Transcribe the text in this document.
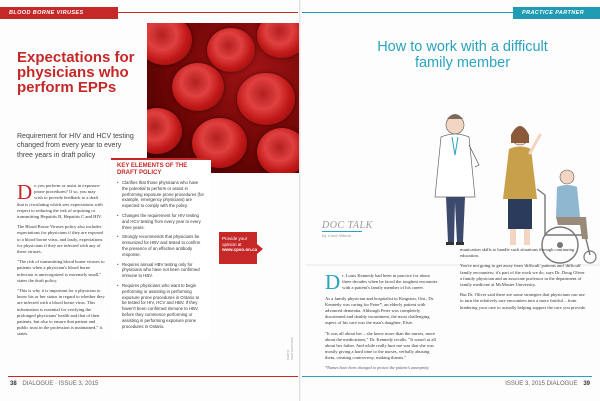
BLOOD BORNE VIRUSES
Expectations for physicians who perform EPPs
Requirement for HIV and HCV testing changed from every year to every three years in draft policy

Do you perform or assist in exposure-prone procedures? If so, you may wish to provide feedback to a draft that is circulating which sets expectations with respect to reducing the risk of acquiring or transmitting Hepatitis B, Hepatitis C and HIV.

The Blood Borne Viruses policy also includes expectations for physicians if they are exposed to a blood borne virus, and lastly, expectations for physicians if they are infected with any of these viruses.

"The risk of transmitting blood borne viruses to patients when a physician's blood borne infection is unrecognized is extremely small," states the draft policy.

"This is why it is important for a physician to know his or her status in regard to whether they are infected with a blood borne virus. This information is essential for verifying the prolonged physicians' health and that of their patients, but also to ensure that patient and public trust in the profession is maintained," it states.

KEY ELEMENTS OF THE DRAFT POLICY
• Clarifies that those physicians who have the potential to perform or assist in performing exposure prone procedures (for example, emergency physicians) are expected to comply with the policy.
• Changes the requirement for HIV testing and HCV testing from every year to every three years.
• Strongly recommends that physicians be immunized for HBV and tested to confirm the presence of an effective antibody response.
• Requires annual HBV testing only for physicians who have not been confirmed immune to HBV.
• Requires physicians who want to begin performing or assisting in performing exposure prone procedures in Ontario to be tested for HIV, HCV and HBV. If they haven't been confirmed immune to HBV, before they commence performing or assisting in performing exposure prone procedures in Ontario.
Provide your opinion at
www.cpso.on.ca
PHOTO: SHUTTERSTOCK
38 DIALOGUE · ISSUE 3, 2015
PRACTICE PARTNER
How to work with a difficult family member
DOC TALK
By Carol Hilborn

Dr. Louis Kennedy had been in practice for about three decades when he faced the toughest encounter with a patient's family member of his career.

As a family physician and hospitalist in Kingston, Ont., Dr. Kennedy was caring for Peter*, an elderly patient with advanced dementia. Although Peter was completely disoriented and doubly incontinent, the most challenging aspect of his care was the man's daughter, Elsie.

"It was all about her – she knew more than the nurses, more about the medications," Dr. Kennedy recalls. "It wasn't at all about her father. And while really hurt me was that she was mostly giving a hard time to the nurses, verbally abusing them, creating controversy, making threats."

munication skills to handle such situations through continuing education.

You're not going to get away from 'difficult' patients and 'difficult' family encounters; it's part of the work we do, says Dr. Doug Oliver a family physician and an associate professor in the department of family medicine at McMaster University.

But Dr. Oliver said there are some strategies that physicians can use to turn the relatively rare encounters into a more fruitful – from hindering your care to actually helping support the care you provide.

*Names have been changed to protect the patient's anonymity.
ISSUE 3, 2015 DIALOGUE 39
